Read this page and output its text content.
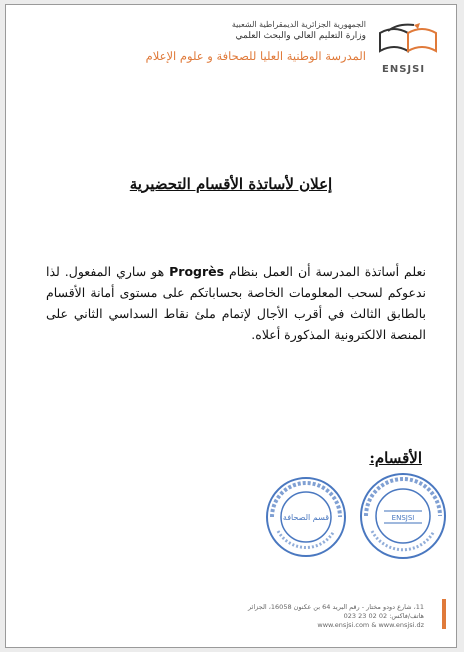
الجمهورية الجزائرية الديمقراطية الشعبية
وزارة التعليم العالي والبحث العلمي
المدرسة الوطنية العليا للصحافة و علوم الإعلام
ENSJSI
إعلان لأساتذة الأقسام التحضيرية
نعلم أساتذة المدرسة أن العمل بنظام Progrès هو ساري المفعول. لذا ندعوكم لسحب المعلومات الخاصة بحساباتكم على مستوى أمانة الأقسام بالطابق الثالث في أقرب الأجال لإتمام ملئ نقاط السداسي الثاني على المنصة الالكترونية المذكورة أعلاه.
الأقسام:
قسم الصحافة	ENSJSI
11، شارع دودو مختار - رقم البريد 64 بن عكنون 16058، الجزائر
هاتف/فاكس: 02 02 23 023
www.ensjsi.com & www.ensjsi.dz
